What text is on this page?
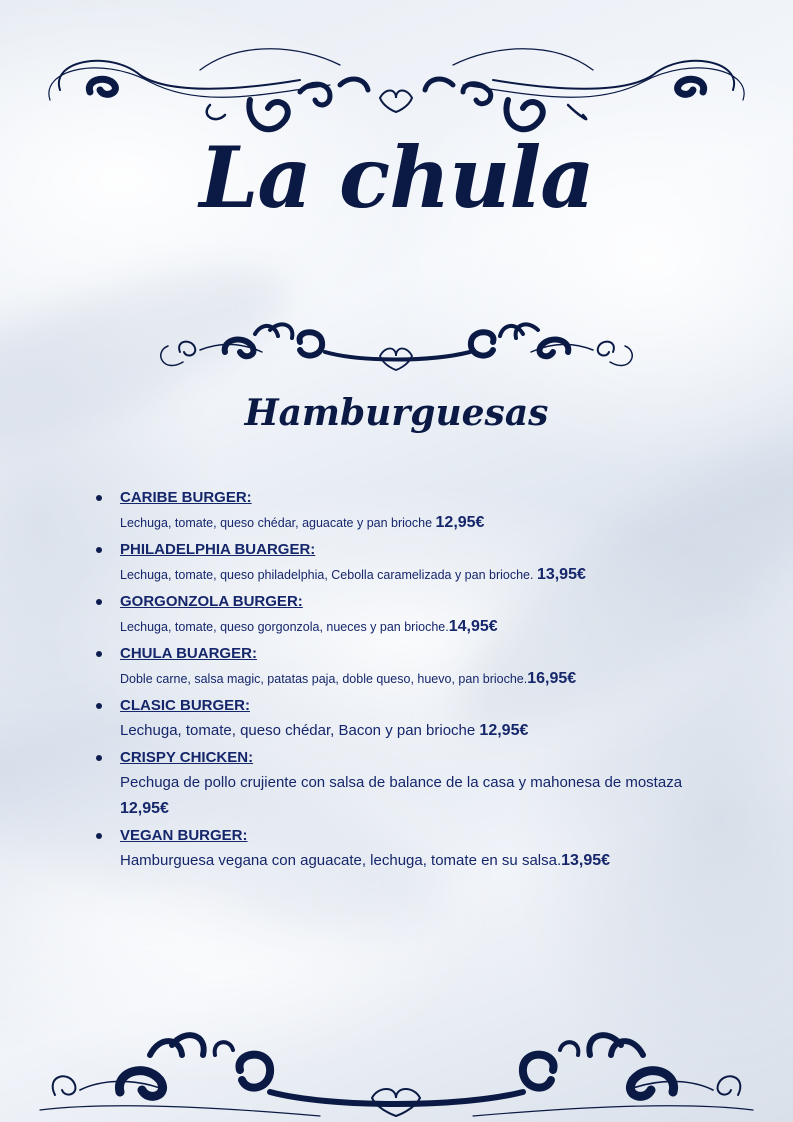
La chula
Hamburguesas
CARIBE BURGER:
Lechuga, tomate, queso chédar, aguacate y pan brioche 12,95€
PHILADELPHIA BUARGER:
Lechuga, tomate, queso philadelphia, Cebolla caramelizada y pan brioche. 13,95€
GORGONZOLA BURGER:
Lechuga, tomate, queso gorgonzola, nueces y pan brioche.14,95€
CHULA BUARGER:
Doble carne, salsa magic, patatas paja, doble queso, huevo, pan brioche.16,95€
CLASIC BURGER:
Lechuga, tomate, queso chédar, Bacon y pan brioche 12,95€
CRISPY CHICKEN:
Pechuga de pollo crujiente con salsa de balance de la casa y mahonesa de mostaza 12,95€
VEGAN BURGER:
Hamburguesa vegana con aguacate, lechuga, tomate en su salsa.13,95€
